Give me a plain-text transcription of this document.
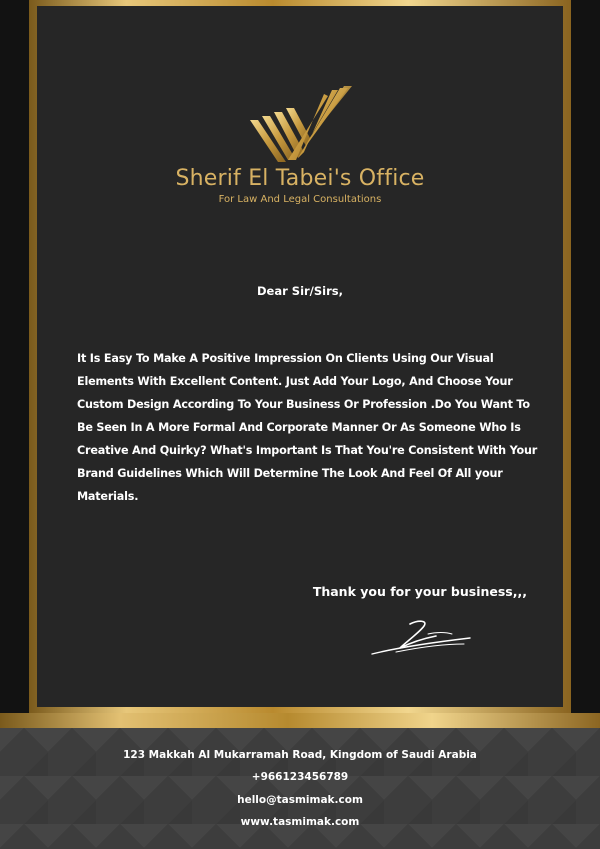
Sherif El Tabei's Office
For Law And Legal Consultations
Dear Sir/Sirs,
It Is Easy To Make A Positive Impression On Clients Using Our Visual Elements With Excellent Content. Just Add Your Logo, And Choose Your Custom Design According To Your Business Or Profession .Do You Want To Be Seen In A More Formal And Corporate Manner Or As Someone Who Is Creative And Quirky? What's Important Is That You're Consistent With Your Brand Guidelines Which Will Determine The Look And Feel Of All your Materials.
Thank you for your business,,,
123 Makkah Al Mukarramah Road, Kingdom of Saudi Arabia
+966123456789
hello@tasmimak.com
www.tasmimak.com
